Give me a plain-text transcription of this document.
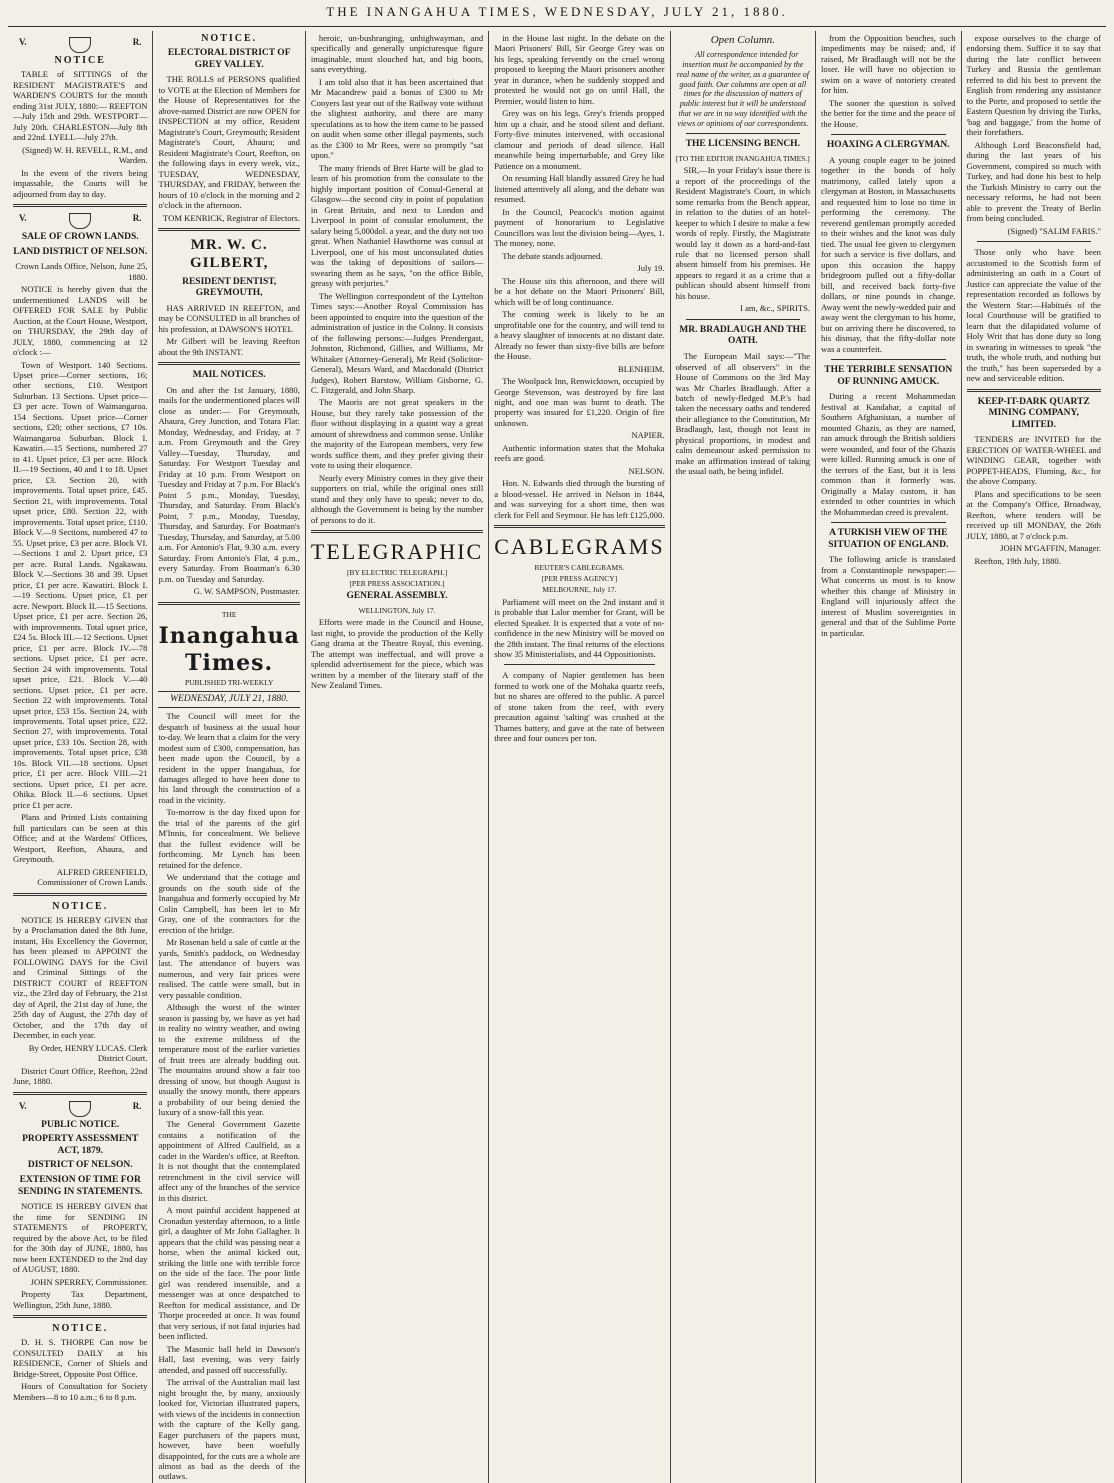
THE INANGAHUA TIMES, WEDNESDAY, JULY 21, 1880.
V.	R.
NOTICE

TABLE of SITTINGS of the RESIDENT MAGISTRATE'S and WARDEN'S COURTS for the month ending 31st JULY, 1880:— REEFTON—July 15th and 29th. WESTPORT—July 20th. CHARLESTON—July 8th and 22nd. LYELL—July 27th.

(Signed) W. H. REVELL, R.M., and Warden.

In the event of the rivers being impassable, the Courts will be adjourned from day to day.

V.	R.
SALE OF CROWN LANDS.
LAND DISTRICT OF NELSON.
Crown Lands Office, Nelson, June 25, 1880.

NOTICE is hereby given that the undermentioned LANDS will be OFFERED FOR SALE by Public Auction, at the Court House, Westport, on THURSDAY, the 29th day of JULY, 1880, commencing at 12 o'clock :—

Town of Westport. 140 Sections. Upset price—Corner sections, 16; other sections, £10. Westport Suburban. 13 Sections. Upset price—£3 per acre. Town of Waimangaroa. 154 Sections. Upset price—Corner sections, £20; other sections, £7 10s. Waimangaroa Suburban. Block I. Kawatiri.—15 Sections, numbered 27 to 41. Upset price, £3 per acre. Block II.—19 Sections, 40 and 1 to 18. Upset price, £3. Section 20, with improvements. Total upset price, £45. Section 21, with improvements. Total upset price, £80. Section 22, with improvements. Total upset price, £110. Block V.—9 Sections, numbered 47 to 55. Upset price, £3 per acre. Block VI.—Sections 1 and 2. Upset price, £3 per acre. Rural Lands. Ngakawau. Block V.—Sections 38 and 39. Upset price, £1 per acre. Kawatiri. Block I.—19 Sections. Upset price, £1 per acre. Newport. Block II.—15 Sections. Upset price, £1 per acre. Section 26, with improvements. Total upset price, £24 5s. Block III.—12 Sections. Upset price, £1 per acre. Block IV.—78 sections. Upset price, £1 per acre. Section 24 with improvements. Total upset price, £21. Block V.—40 sections. Upset price, £1 per acre. Section 22 with improvements. Total upset price, £53 15s. Section 24, with improvements. Total upset price, £22. Section 27, with improvements. Total upset price, £33 10s. Section 28, with improvements. Total upset price, £38 10s. Block VII.—18 sections. Upset price, £1 per acre. Block VIII.—21 sections. Upset price, £1 per acre. Ohika. Block II.—6 sections. Upset price £1 per acre.

Plans and Printed Lists containing full particulars can be seen at this Office; and at the Wardens' Offices, Westport, Reefton, Ahaura, and Greymouth.

ALFRED GREENFIELD, Commissioner of Crown Lands.
NOTICE.

NOTICE IS HEREBY GIVEN that by a Proclamation dated the 8th June, instant, His Excellency the Governor, has been pleased to APPOINT the FOLLOWING DAYS for the Civil and Criminal Sittings of the DISTRICT COURT of REEFTON viz., the 23rd day of February, the 21st day of April, the 21st day of June, the 25th day of August, the 27th day of October, and the 17th day of December, in each year.

By Order, HENRY LUCAS. Clerk District Court.

District Court Office, Reefton, 22nd June, 1880.

V.	R.
PUBLIC NOTICE.
PROPERTY ASSESSMENT ACT, 1879.
DISTRICT OF NELSON.
EXTENSION OF TIME FOR SENDING IN STATEMENTS.

NOTICE IS HEREBY GIVEN that the time for SENDING IN STATEMENTS of PROPERTY, required by the above Act, to be filed for the 30th day of JUNE, 1880, has now been EXTENDED to the 2nd day of AUGUST, 1880.

JOHN SPERREY, Commissioner.

Property Tax Department, Wellington, 25th June, 1880.

NOTICE.

D. H. S. THORPE Can now be CONSULTED DAILY at his RESIDENCE, Corner of Shiels and Bridge-Street, Opposite Post Office.

Hours of Consultation for Society Members—8 to 10 a.m.; 6 to 8 p.m.

NOTICE.
ELECTORAL DISTRICT OF GREY VALLEY.

THE ROLLS of PERSONS qualified to VOTE at the Election of Members for the House of Representatives for the above-named District are now OPEN for INSPECTION at my office, Resident Magistrate's Court, Greymouth; Resident Magistrate's Court, Ahaura; and Resident Magistrate's Court, Reefton, on the following days in every week, viz., TUESDAY, WEDNESDAY, THURSDAY, and FRIDAY, between the hours of 10 o'clock in the morning and 2 o'clock in the afternoon.

TOM KENRICK, Registrar of Electors.
MR. W. C. GILBERT,
RESIDENT DENTIST, GREYMOUTH,

HAS ARRIVED IN REEFTON, and may be CONSULTED in all branches of his profession, at DAWSON'S HOTEL

Mr Gilbert will be leaving Reefton about the 9th INSTANT.

MAIL NOTICES.

On and after the 1st January, 1880, mails for the undermentioned places will close as under:— For Greymouth, Ahaura, Grey Junction, and Totara Flat: Monday, Wednesday, and Friday, at 7 a.m. From Greymouth and the Grey Valley—Tuesday, Thursday, and Saturday. For Westport Tuesday and Friday at 10 p.m. From Westport on Tuesday and Friday at 7 p.m. For Black's Point 5 p.m., Monday, Tuesday, Thursday, and Saturday. From Black's Point, 7 p.m., Monday, Tuesday, Thursday, and Saturday. For Boatman's Tuesday, Thursday, and Saturday, at 5.00 a.m. For Antonio's Flat, 9.30 a.m. every Saturday. From Antonio's Flat, 4 p.m., every Saturday. From Boatman's 6.30 p.m. on Tuesday and Saturday.

G. W. SAMPSON, Postmaster.
THE
Inangahua Times.
PUBLISHED TRI-WEEKLY
WEDNESDAY, JULY 21, 1880.

The Council will meet for the despatch of business at the usual hour to-day. We learn that a claim for the very modest sum of £300, compensation, has been made upon the Council, by a resident in the upper Inangahua, for damages alleged to have been done to his land through the construction of a road in the vicinity.

To-morrow is the day fixed upon for the trial of the parents of the girl M'Innis, for concealment. We believe that the fullest evidence will be forthcoming. Mr Lynch has been retained for the defence.

We understand that the cottage and grounds on the south side of the Inangahua and formerly occupied by Mr Colin Campbell, has been let to Mr Gray, one of the contractors for the erection of the bridge.

Mr Rosenan held a sale of cattle at the yards, Smith's paddock, on Wednesday last. The attendance of buyers was numerous, and very fair prices were realised. The cattle were small, but in very passable condition.

Although the worst of the winter season is passing by, we have as yet had in reality no wintry weather, and owing to the extreme mildness of the temperature most of the earlier varieties of fruit trees are already budding out. The mountains around show a fair too dressing of snow, but though August is usually the snowy month, there appears a probability of our being denied the luxury of a snow-fall this year.

The General Government Gazette contains a notification of the appointment of Alfred Caulfield, as a cadet in the Warden's office, at Reefton. It is not thought that the contemplated retrenchment in the civil service will affect any of the branches of the service in this district.

A most painful accident happened at Cronadun yesterday afternoon, to a little girl, a daughter of Mr John Gallagher. It appears that the child was passing near a horse, when the animal kicked out, striking the little one with terrible force on the side of the face. The poor little girl was rendered insensible, and a messenger was at once despatched to Reefton for medical assistance, and Dr Thorpe proceeded at once. It was found that very serious, if not fatal injuries had been inflicted.

The Masonic ball held in Dawson's Hall, last evening, was very fairly attended, and passed off successfully.

The arrival of the Australian mail last night brought the, by many, anxiously looked for, Victorian illustrated papers, with views of the incidents in connection with the capture of the Kelly gang. Eager purchasers of the papers must, however, have been woefully disappointed, for the cuts are a whole are almost as bad as the deeds of the outlaws.

heroic, un-bushranging, unhighwayman, and specifically and generally unpicturesque figure imaginable, must slouched hat, and big boots, sans everything.

I am told also that it has been ascertained that Mr Macandrew paid a bonus of £300 to Mr Conyers last year out of the Railway vote without the slightest authority, and there are many speculations as to how the item came to be passed on audit when some other illegal payments, such as the £300 to Mr Rees, were so promptly "sat upon."

The many friends of Bret Harte will be glad to learn of his promotion from the consulate to the highly important position of Consul-General at Glasgow—the second city in point of population in Great Britain, and next to London and Liverpool in point of consular emolument, the salary being 5,000dol. a year, and the duty not too great. When Nathaniel Hawthorne was consul at Liverpool, one of his most unconsulated duties was the taking of depositions of sailors—swearing them as he says, "on the office Bible, greasy with perjuries."

The Wellington correspondent of the Lyttelton Times says:—Another Royal Commission has been appointed to enquire into the question of the administration of justice in the Colony. It consists of the following persons:—Judges Prendergast, Johnston, Richmond, Gillies, and Williams, Mr Whitaker (Attorney-General), Mr Reid (Solicitor-General), Messrs Ward, and Macdonald (District Judges), Robert Barstow, William Gisborne, G. C. Fitzgerald, and John Sharp.

The Maoris are not great speakers in the House, but they rarely take possession of the floor without displaying in a quaint way a great amount of shrewdness and common sense. Unlike the majority of the European members, very few words suffice them, and they prefer giving their vote to using their eloquence.

Nearly every Ministry comes in they give their supporters on trial, while the original ones still stand and they only have to speak; never to do, although the Government is being by the number of persons to do it.

TELEGRAPHIC
[BY ELECTRIC TELEGRAPH.]
[PER PRESS ASSOCIATION.]
GENERAL ASSEMBLY.
WELLINGTON, July 17.

Efforts were made in the Council and House, last night, to provide the production of the Kelly Gang drama at the Theatre Royal, this evening. The attempt was ineffectual, and will prove a splendid advertisement for the piece, which was written by a member of the literary staff of the New Zealand Times.

in the House last night. In the debate on the Maori Prisoners' Bill, Sir George Grey was on his legs, speaking fervently on the cruel wrong proposed to keeping the Maori prisoners another year in durance, when he suddenly stopped and protested he would not go on until Hall, the Premier, would listen to him.

Grey was on his legs. Grey's friends propped him up a chair, and he stood silent and defiant. Forty-five minutes intervened, with occasional clamour and periods of dead silence. Hall meanwhile being imperturbable, and Grey like Patience on a monument.

On resuming Hall blandly assured Grey he had listened attentively all along, and the debate was resumed.

In the Council, Peacock's motion against payment of honorarium to Legislative Councillors was lost the division being—Ayes, 1. The money, none.

The debate stands adjourned.

July 19.

The House sits this afternoon, and there will be a hot debate on the Maori Prisoners' Bill, which will be of long continuance.

The coming week is likely to be an unprofitable one for the country, and will tend to a heavy slaughter of innocents at no distant date. Already no fewer than sixty-five bills are before the House.

BLENHEIM.

The Woolpack Inn, Renwicktown, occupied by George Stevenson, was destroyed by fire last night, and one man was burnt to death. The property was insured for £1,220. Origin of fire unknown.

NAPIER.

Authentic information states that the Mohaka reefs are good.

NELSON.

Hon. N. Edwards died through the bursting of a blood-vessel. He arrived in Nelson in 1844, and was surveying for a short time, then was clerk for Fell and Seymour. He has left £125,000.

CABLEGRAMS
REUTER'S CABLEGRAMS.
[PER PRESS AGENCY]
MELBOURNE, July 17.

Parliament will meet on the 2nd instant and it is probable that Lalor member for Grant, will be elected Speaker. It is expected that a vote of no-confidence in the new Ministry will be moved on the 28th instant. The final returns of the elections show 35 Ministerialists, and 44 Oppositionists.

A company of Napier gentlemen has been formed to work one of the Mohaka quartz reefs, but no shares are offered to the public. A parcel of stone taken from the reef, with every precaution against 'salting' was crushed at the Thames battery, and gave at the rate of between three and four ounces per ton.

Open Column.

All correspondence intended for insertion must be accompanied by the real name of the writer, as a guarantee of good faith. Our columns are open at all times for the discussion of matters of public interest but it will be understood that we are in no way identified with the views or opinions of our correspondents.

THE LICENSING BENCH.
[TO THE EDITOR INANGAHUA TIMES.]

SIR,—In your Friday's issue there is a report of the proceedings of the Resident Magistrate's Court, in which some remarks from the Bench appear, in relation to the duties of an hotel-keeper to which I desire to make a few words of reply. Firstly, the Magistrate would lay it down as a hard-and-fast rule that no licensed person shall absent himself from his premises. He appears to regard it as a crime that a publican should absent himself from his house.

I am, &c., SPIRITS.
MR. BRADLAUGH AND THE OATH.

The European Mail says:—"The observed of all observers" in the House of Commons on the 3rd May was Mr Charles Bradlaugh. After a batch of newly-fledged M.P.'s had taken the necessary oaths and tendered their allegiance to the Constitution, Mr Bradlaugh, last, though not least in physical proportions, in modest and calm demeanour asked permission to make an affirmation instead of taking the usual oath, he being infidel.

from the Opposition benches, such impediments may be raised; and, if raised, Mr Bradlaugh will not be the loser. He will have no objection to swim on a wave of notoriety created for him.

The sooner the question is solved the better for the time and the peace of the House.

HOAXING A CLERGYMAN.

A young couple eager to be joined together in the bonds of holy matrimony, called lately upon a clergyman at Boston, in Massachusetts and requested him to lose no time in performing the ceremony. The reverend gentleman promptly acceded to their wishes and the knot was duly tied. The usual fee given to clergymen for such a service is five dollars, and upon this occasion the happy bridegroom pulled out a fifty-dollar bill, and received back forty-five dollars, or nine pounds in change. Away went the newly-wedded pair and away went the clergyman to his home, but on arriving there he discovered, to his dismay, that the fifty-dollar note was a counterfeit.

THE TERRIBLE SENSATION OF RUNNING AMUCK.

During a recent Mohammedan festival at Kandahar, a capital of Southern Afghanistan, a number of mounted Ghazis, as they are named, ran amuck through the British soldiers were wounded, and four of the Ghazis were killed. Running amuck is one of the terrors of the East, but it is less common than it formerly was. Originally a Malay custom, it has extended to other countries in which the Mohammedan creed is prevalent.

A TURKISH VIEW OF THE SITUATION OF ENGLAND.

The following article is translated from a Constantinople newspaper:— What concerns us most is to know whether this change of Ministry in England will injuriously affect the interest of Muslim sovereignties in general and that of the Sublime Porte in particular.

expose ourselves to the charge of endorsing them. Suffice it to say that during the late conflict between Turkey and Russia the gentleman referred to did his best to prevent the English from rendering any assistance to the Porte, and proposed to settle the Eastern Question by driving the Turks, 'bag and baggage,' from the home of their forefathers.

Although Lord Beaconsfield had, during the last years of his Government, conspired so much with Turkey, and had done his best to help the Turkish Ministry to carry out the necessary reforms, he had not been able to prevent the Treaty of Berlin from being concluded.

(Signed) "SALIM FARIS."

Those only who have been accustomed to the Scottish form of administering an oath in a Court of Justice can appreciate the value of the representation recorded as follows by the Western Star:—Habitués of the local Courthouse will be gratified to learn that the dilapidated volume of Holy Writ that has done duty so long in swearing in witnesses to speak "the truth, the whole truth, and nothing but the truth," has been superseded by a new and serviceable edition.

KEEP-IT-DARK QUARTZ MINING COMPANY, LIMITED.

TENDERS are INVITED for the ERECTION OF WATER-WHEEL and WINDING GEAR, together with POPPET-HEADS, Fluming, &c., for the above Company.

Plans and specifications to be seen at the Company's Office, Broadway, Reefton, where tenders will be received up till MONDAY, the 26th JULY, 1880, at 7 o'clock p.m.

JOHN M'GAFFIN, Manager.

Reefton, 19th July, 1880.
